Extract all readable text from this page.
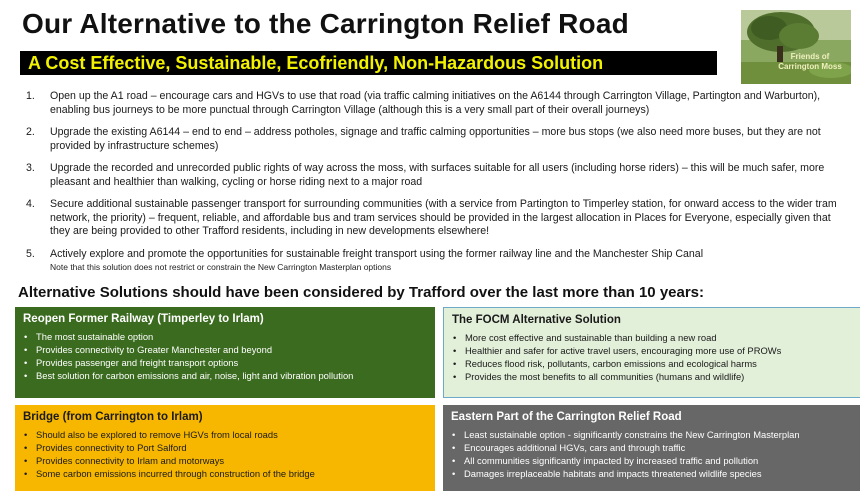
Our Alternative to the Carrington Relief Road
A Cost Effective, Sustainable, Ecofriendly, Non-Hazardous Solution	Friends of Carrington Moss
1. Open up the A1 road – encourage cars and HGVs to use that road (via traffic calming initiatives on the A6144 through Carrington Village, Partington and Warburton), enabling bus journeys to be more punctual through Carrington Village (although this is a very small part of their overall journeys)
2. Upgrade the existing A6144 – end to end – address potholes, signage and traffic calming opportunities – more bus stops (we also need more buses, but they are not provided by infrastructure schemes)
3. Upgrade the recorded and unrecorded public rights of way across the moss, with surfaces suitable for all users (including horse riders) – this will be much safer, more pleasant and healthier than walking, cycling or horse riding next to a major road
4. Secure additional sustainable passenger transport for surrounding communities (with a service from Partington to Timperley station, for onward access to the wider tram network, the priority) – frequent, reliable, and affordable bus and tram services should be provided in the largest allocation in Places for Everyone, especially given that they are being provided to other Trafford residents, including in new developments elsewhere!
5. Actively explore and promote the opportunities for sustainable freight transport using the former railway line and the Manchester Ship Canal
Note that this solution does not restrict or constrain the New Carrington Masterplan options
Alternative Solutions should have been considered by Trafford over the last more than 10 years:
Reopen Former Railway (Timperley to Irlam)
• The most sustainable option
• Provides connectivity to Greater Manchester and beyond
• Provides passenger and freight transport options
• Best solution for carbon emissions and air, noise, light and vibration pollution
The FOCM Alternative Solution
• More cost effective and sustainable than building a new road
• Healthier and safer for active travel users, encouraging more use of PROWs
• Reduces flood risk, pollutants, carbon emissions and ecological harms
• Provides the most benefits to all communities (humans and wildlife)
Bridge (from Carrington to Irlam)
• Should also be explored to remove HGVs from local roads
• Provides connectivity to Port Salford
• Provides connectivity to Irlam and motorways
• Some carbon emissions incurred through construction of the bridge
Eastern Part of the Carrington Relief Road
• Least sustainable option - significantly constrains the New Carrington Masterplan
• Encourages additional HGVs, cars and through traffic
• All communities significantly impacted by increased traffic and pollution
• Damages irreplaceable habitats and impacts threatened wildlife species
